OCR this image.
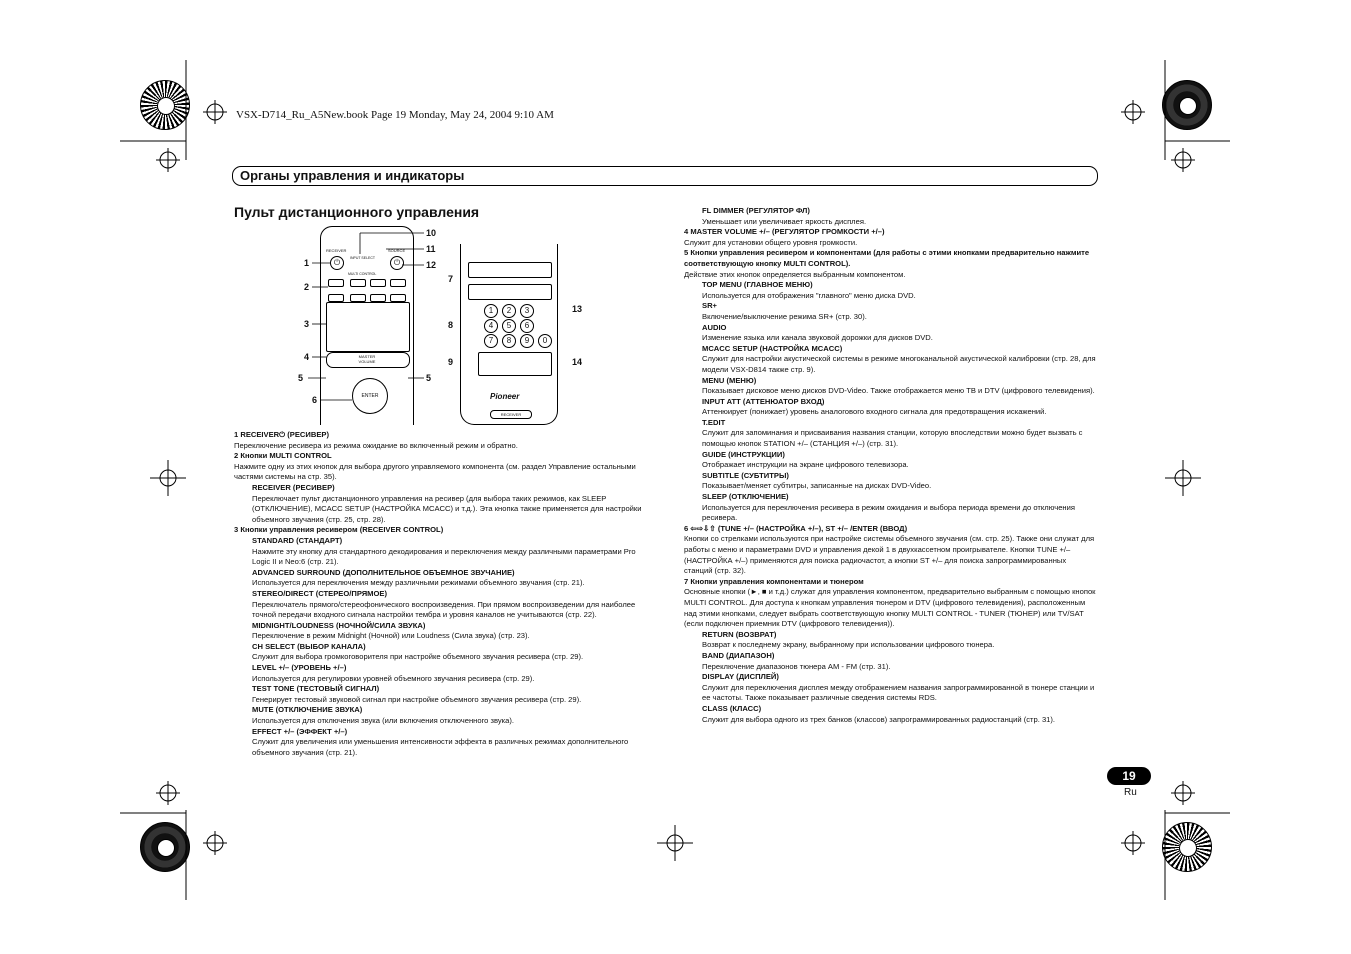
VSX-D714_Ru_A5New.book Page 19 Monday, May 24, 2004 9:10 AM
Органы управления и индикаторы
Пульт дистанционного управления
⏻	⏻
RECEIVER	SOURCE
INPUT SELECT
MULTI CONTROL
MASTER VOLUME
ENTER
1
2
3
4
5
6
10
11
12
5
1	2	3
4	5	6
7	8	9	0
Pioneer
RECEIVER
7
8
9
13
14

1 RECEIVER⏻ (РЕСИВЕР)

Переключение ресивера из режима ожидание во включенный режим и обратно.

2 Кнопки MULTI CONTROL

Нажмите одну из этих кнопок для выбора другого управляемого компонента (см. раздел Управление остальными частями системы на стр. 35).

RECEIVER (РЕСИВЕР)

Переключает пульт дистанционного управления на ресивер (для выбора таких режимов, как SLEEP (ОТКЛЮЧЕНИЕ), MCACC SETUP (НАСТРОЙКА MCACC) и т.д.). Эта кнопка также применяется для настройки объемного звучания (стр. 25, стр. 28).

3 Кнопки управления ресивером (RECEIVER CONTROL)

STANDARD (СТАНДАРТ)

Нажмите эту кнопку для стандартного декодирования и переключения между различными параметрами Pro Logic II и Neo:6 (стр. 21).

ADVANCED SURROUND (ДОПОЛНИТЕЛЬНОЕ ОБЪЕМНОЕ ЗВУЧАНИЕ)

Используется для переключения между различными режимами объемного звучания (стр. 21).

STEREO/DIRECT (СТЕРЕО/ПРЯМОЕ)

Переключатель прямого/стереофонического воспроизведения. При прямом воспроизведении для наиболее точной передачи входного сигнала настройки тембра и уровня каналов не учитываются (стр. 22).

MIDNIGHT/LOUDNESS (НОЧНОЙ/СИЛА ЗВУКА)

Переключение в режим Midnight (Ночной) или Loudness (Сила звука) (стр. 23).

CH SELECT (ВЫБОР КАНАЛА)

Служит для выбора громкоговорителя при настройке объемного звучания ресивера (стр. 29).

LEVEL +/– (УРОВЕНЬ +/–)

Используется для регулировки уровней объемного звучания ресивера (стр. 29).

TEST TONE (ТЕСТОВЫЙ СИГНАЛ)

Генерирует тестовый звуковой сигнал при настройке объемного звучания ресивера (стр. 29).

MUTE (ОТКЛЮЧЕНИЕ ЗВУКА)

Используется для отключения звука (или включения отключенного звука).

EFFECT +/– (ЭФФЕКТ +/–)

Служит для увеличения или уменьшения интенсивности эффекта в различных режимах дополнительного объемного звучания (стр. 21).

FL DIMMER (РЕГУЛЯТОР ФЛ)

Уменьшает или увеличивает яркость дисплея.

4 MASTER VOLUME +/– (РЕГУЛЯТОР ГРОМКОСТИ +/–)

Служит для установки общего уровня громкости.

5 Кнопки управления ресивером и компонентами (для работы с этими кнопками предварительно нажмите соответствующую кнопку MULTI CONTROL).

Действие этих кнопок определяется выбранным компонентом.

TOP MENU (ГЛАВНОЕ МЕНЮ)

Используется для отображения "главного" меню диска DVD.

SR+

Включение/выключение режима SR+ (стр. 30).

AUDIO

Изменение языка или канала звуковой дорожки для дисков DVD.

MCACC SETUP (НАСТРОЙКА MCACC)

Служит для настройки акустической системы в режиме многоканальной акустической калибровки (стр. 28, для модели VSX-D814 также стр. 9).

MENU (МЕНЮ)

Показывает дисковое меню дисков DVD-Video. Также отображается меню ТВ и DTV (цифрового телевидения).

INPUT ATT (АТТЕНЮАТОР ВХОД)

Аттенюирует (понижает) уровень аналогового входного сигнала для предотвращения искажений.

T.EDIT

Служит для запоминания и присваивания названия станции, которую впоследствии можно будет вызвать с помощью кнопок STATION +/– (СТАНЦИЯ +/–) (стр. 31).

GUIDE (ИНСТРУКЦИИ)

Отображает инструкции на экране цифрового телевизора.

SUBTITLE (СУБТИТРЫ)

Показывает/меняет субтитры, записанные на дисках DVD-Video.

SLEEP (ОТКЛЮЧЕНИЕ)

Используется для переключения ресивера в режим ожидания и выбора периода времени до отключения ресивера.

6 ⇦⇨⇩⇧ (TUNE +/– (НАСТРОЙКА +/–), ST +/– /ENTER (ВВОД)

Кнопки со стрелками используются при настройке системы объемного звучания (см. стр. 25). Также они служат для работы с меню и параметрами DVD и управления декой 1 в двухкассетном проигрывателе. Кнопки TUNE +/– (НАСТРОЙКА +/–) применяются для поиска радиочастот, а кнопки ST +/– для поиска запрограммированных станций (стр. 32).

7 Кнопки управления компонентами и тюнером

Основные кнопки (►, ■ и т.д.) служат для управления компонентом, предварительно выбранным с помощью кнопок MULTI CONTROL. Для доступа к кнопкам управления тюнером и DTV (цифрового телевидения), расположенным над этими кнопками, следует выбрать соответствующую кнопку MULTI CONTROL - TUNER (ТЮНЕР) или TV/SAT (если подключен приемник DTV (цифрового телевидения)).

RETURN (ВОЗВРАТ)

Возврат к последнему экрану, выбранному при использовании цифрового тюнера.

BAND (ДИАПАЗОН)

Переключение диапазонов тюнера AM - FM (стр. 31).

DISPLAY (ДИСПЛЕЙ)

Служит для переключения дисплея между отображением названия запрограммированной в тюнере станции и ее частоты. Также показывает различные сведения системы RDS.

CLASS (КЛАСС)

Служит для выбора одного из трех банков (классов) запрограммированных радиостанций (стр. 31).

19
Ru
